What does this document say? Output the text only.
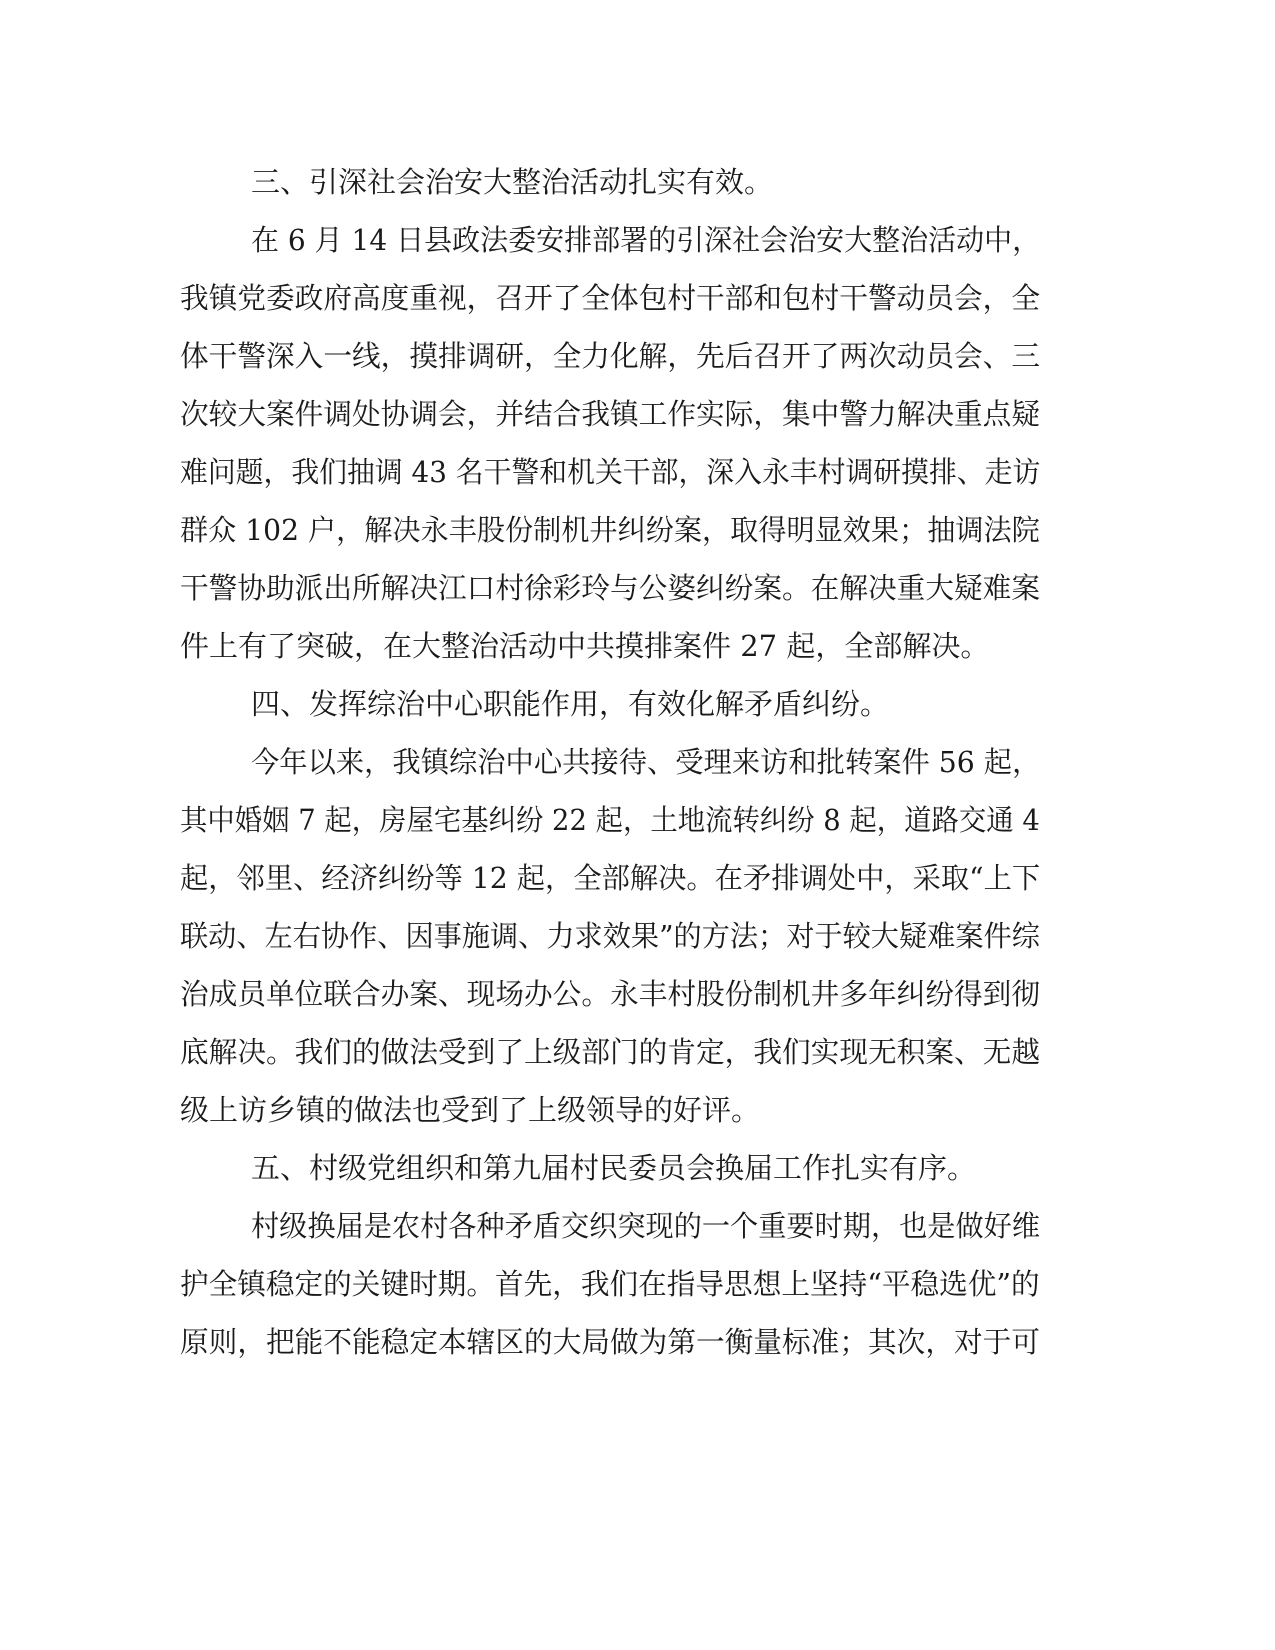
三、引深社会治安大整治活动扎实有效。
在 6 月 14 日县政法委安排部署的引深社会治安大整治活动中，
我镇党委政府高度重视，召开了全体包村干部和包村干警动员会，全
体干警深入一线，摸排调研，全力化解，先后召开了两次动员会、三
次较大案件调处协调会，并结合我镇工作实际，集中警力解决重点疑
难问题，我们抽调 43 名干警和机关干部，深入永丰村调研摸排、走访
群众 102 户，解决永丰股份制机井纠纷案，取得明显效果；抽调法院
干警协助派出所解决江口村徐彩玲与公婆纠纷案。在解决重大疑难案
件上有了突破，在大整治活动中共摸排案件 27 起，全部解决。
四、发挥综治中心职能作用，有效化解矛盾纠纷。
今年以来，我镇综治中心共接待、受理来访和批转案件 56 起，
其中婚姻 7 起，房屋宅基纠纷 22 起，土地流转纠纷 8 起，道路交通 4
起，邻里、经济纠纷等 12 起，全部解决。在矛排调处中，采取“上下
联动、左右协作、因事施调、力求效果”的方法；对于较大疑难案件综
治成员单位联合办案、现场办公。永丰村股份制机井多年纠纷得到彻
底解决。我们的做法受到了上级部门的肯定，我们实现无积案、无越
级上访乡镇的做法也受到了上级领导的好评。
五、村级党组织和第九届村民委员会换届工作扎实有序。
村级换届是农村各种矛盾交织突现的一个重要时期，也是做好维
护全镇稳定的关键时期。首先，我们在指导思想上坚持“平稳选优”的
原则，把能不能稳定本辖区的大局做为第一衡量标准；其次，对于可
